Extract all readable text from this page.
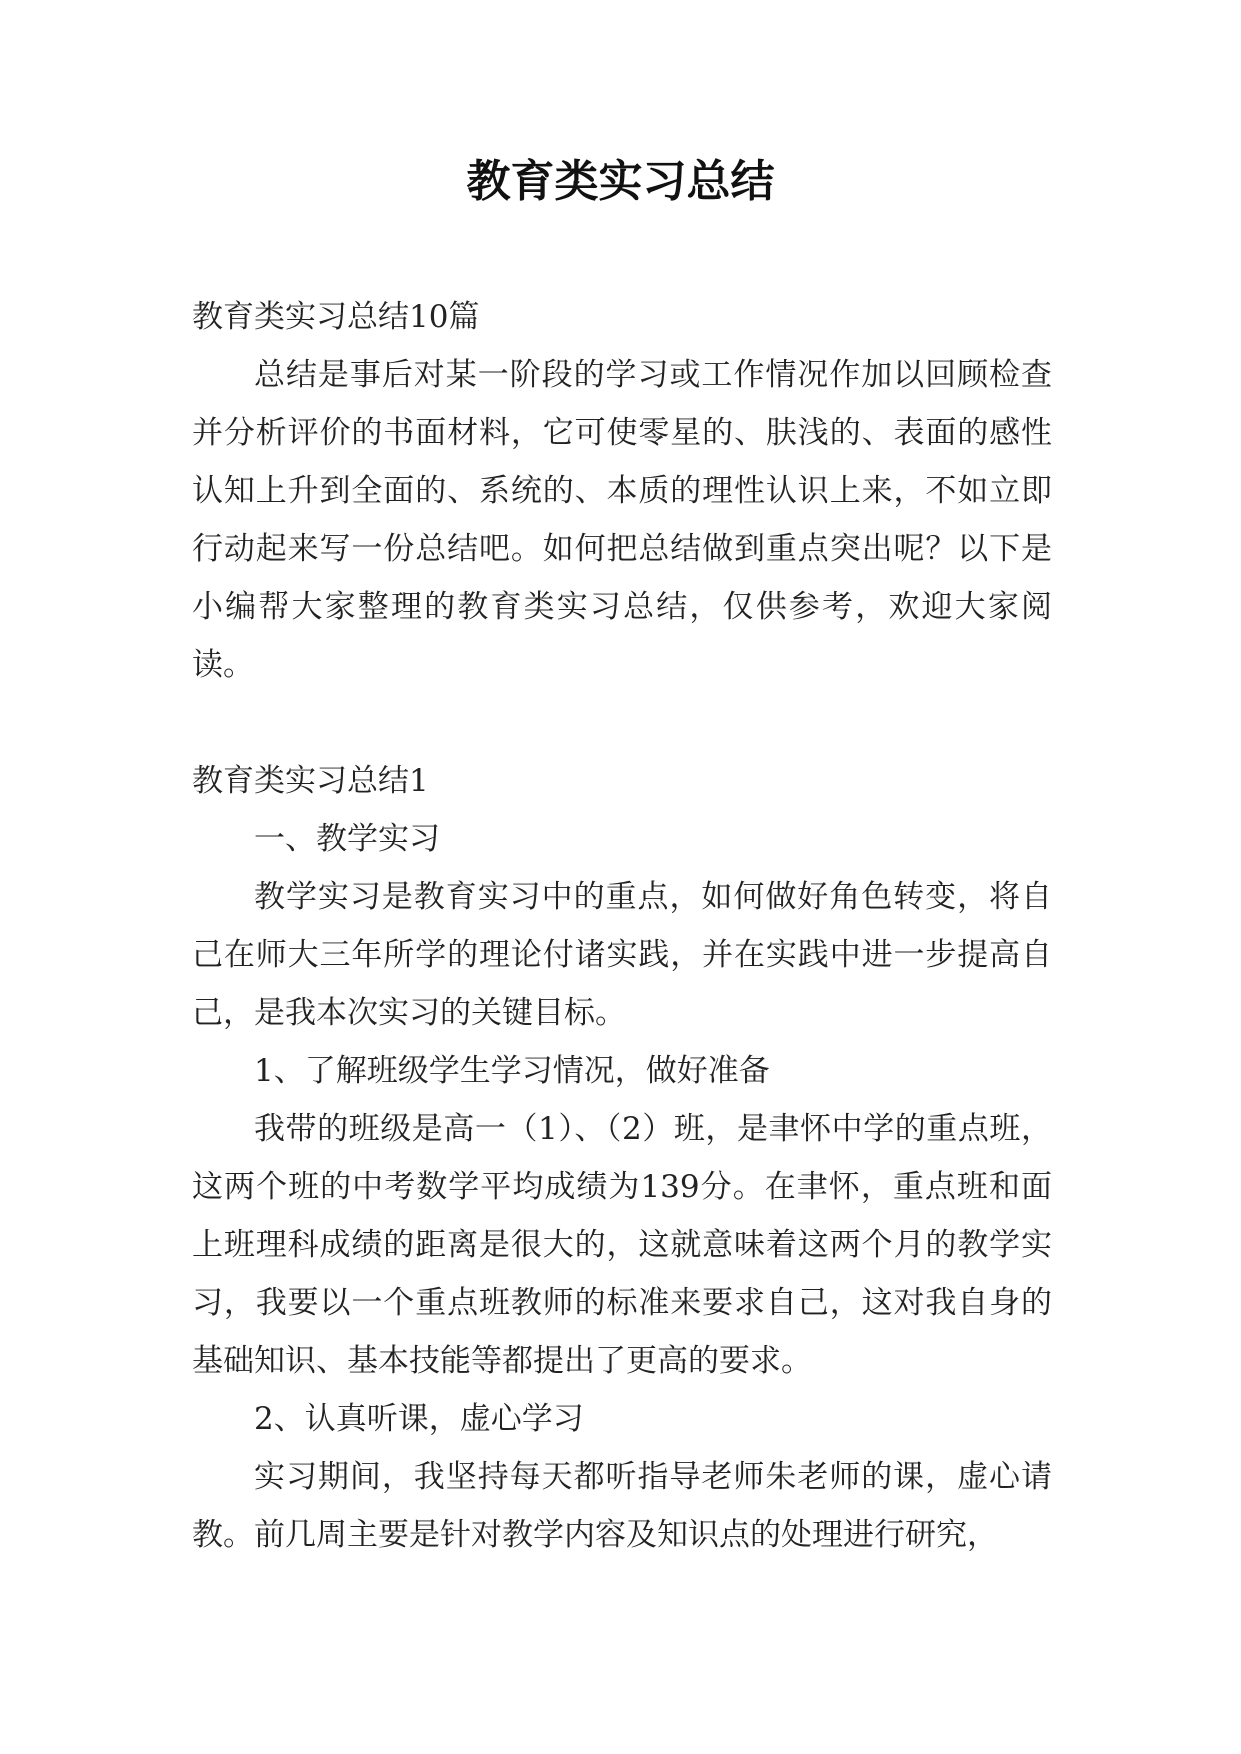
教育类实习总结

教育类实习总结10篇

总结是事后对某一阶段的学习或工作情况作加以回顾检查并分析评价的书面材料，它可使零星的、肤浅的、表面的感性认知上升到全面的、系统的、本质的理性认识上来，不如立即行动起来写一份总结吧。如何把总结做到重点突出呢？以下是小编帮大家整理的教育类实习总结，仅供参考，欢迎大家阅读。

教育类实习总结1

一、教学实习

教学实习是教育实习中的重点，如何做好角色转变，将自己在师大三年所学的理论付诸实践，并在实践中进一步提高自己，是我本次实习的关键目标。

1、了解班级学生学习情况，做好准备

我带的班级是高一（1）、（2）班，是聿怀中学的重点班，这两个班的中考数学平均成绩为139分。在聿怀，重点班和面上班理科成绩的距离是很大的，这就意味着这两个月的教学实习，我要以一个重点班教师的标准来要求自己，这对我自身的基础知识、基本技能等都提出了更高的要求。

2、认真听课，虚心学习

实习期间，我坚持每天都听指导老师朱老师的课，虚心请教。前几周主要是针对教学内容及知识点的处理进行研究，
